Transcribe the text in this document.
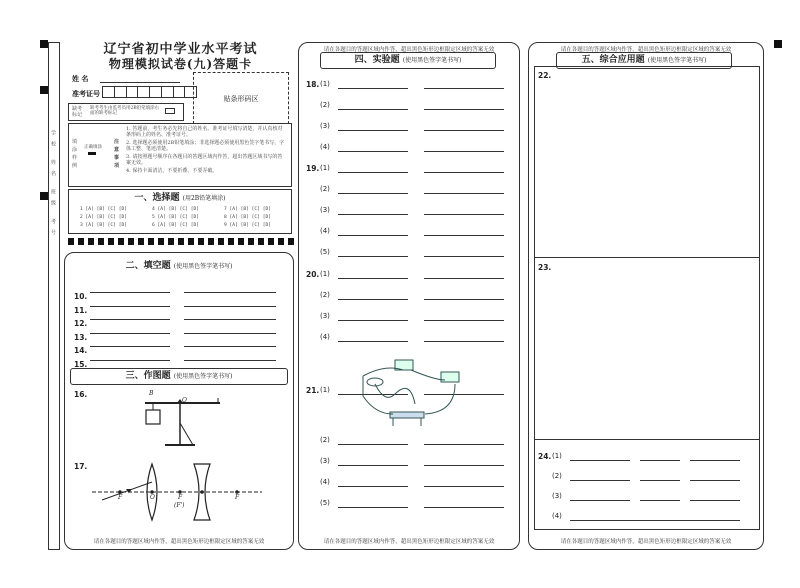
学校 姓名 班级 考号
辽宁省初中学业水平考试
物理模拟试卷(九)答题卡
姓 名
准考证号
贴条形码区
缺考标记
缺考考生由监考员用2B铅笔填涂右面的缺考标记
填涂样例
正确填涂
注意事项
1. 答题前，考生务必先将自己的姓名、准考证号填写清楚，并认真核对条形码上的姓名、准考证号。
2. 选择题必须使用2B铅笔填涂；非选择题必须使用黑色签字笔书写，字体工整、笔迹清楚。
3. 请按照题号顺序在各题目的答题区域内作答，超出答题区域书写的答案无效。
4. 保持卡面清洁，不要折叠、不要弄破。
一、选择题 (用2B铅笔填涂)
1 [A] [B] [C] [D]
2 [A] [B] [C] [D]
3 [A] [B] [C] [D]
4 [A] [B] [C] [D]
5 [A] [B] [C] [D]
6 [A] [B] [C] [D]
7 [A] [B] [C] [D]
8 [A] [B] [C] [D]
9 [A] [B] [C] [D]
二、填空题 (使用黑色签字笔书写)
10.
11.
12.
13.
14.
15.
三、作图题 (使用黑色签字笔书写)
16.	B
O
17.
F	O	F
(F')
F
请在各题目的答题区域内作答，超出黑色矩形边框限定区域的答案无效
请在各题目的答题区域内作答，超出黑色矩形边框限定区域的答案无效
四、实验题 (使用黑色签字笔书写)
18. (1)
(2)
(3)
(4)
19. (1)
(2)
(3)
(4)
(5)
20. (1)
(2)
(3)
(4)
21. (1)
(2)
(3)
(4)
(5)
请在各题目的答题区域内作答，超出黑色矩形边框限定区域的答案无效
请在各题目的答题区域内作答，超出黑色矩形边框限定区域的答案无效
五、综合应用题 (使用黑色签字笔书写)
22.
23.
24. (1)
(2)
(3)
(4)
请在各题目的答题区域内作答，超出黑色矩形边框限定区域的答案无效
